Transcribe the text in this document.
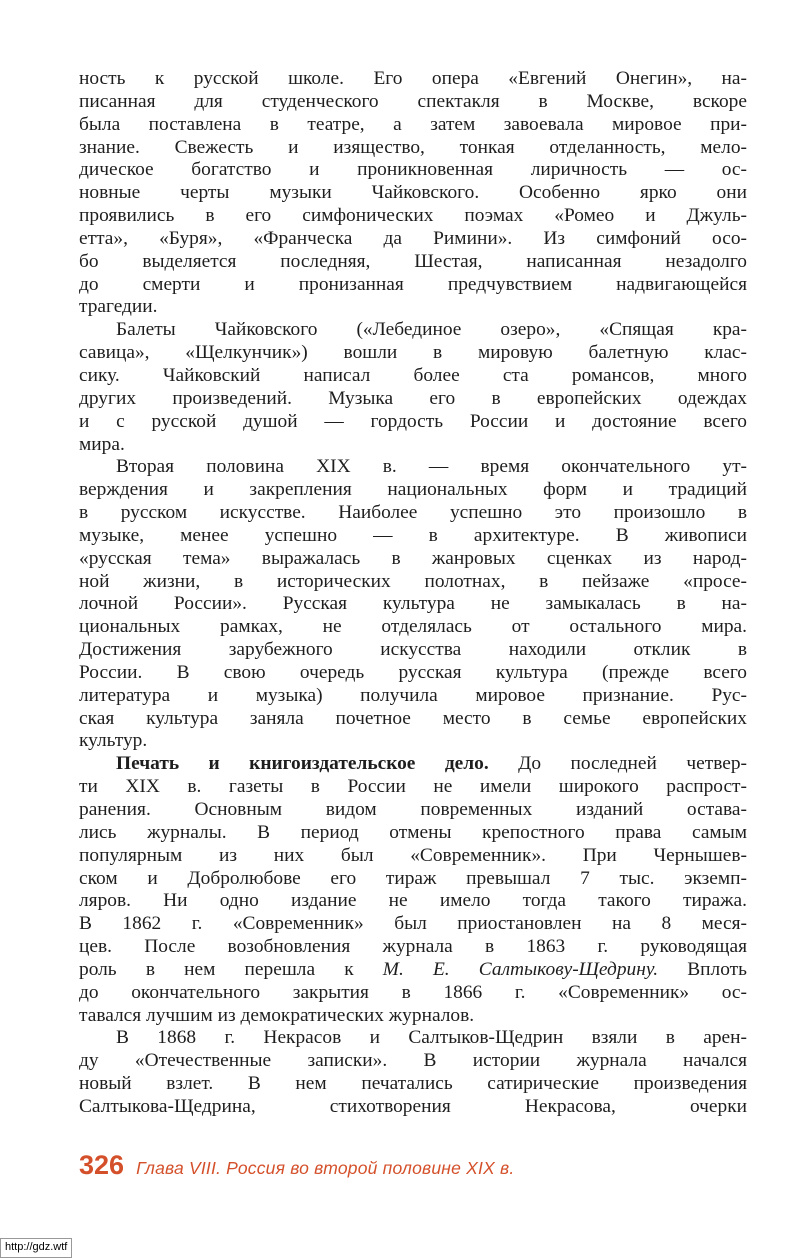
ность к русской школе. Его опера «Евгений Онегин», на-
писанная для студенческого спектакля в Москве, вскоре
была поставлена в театре, а затем завоевала мировое при-
знание. Свежесть и изящество, тонкая отделанность, мело-
дическое богатство и проникновенная лиричность — ос-
новные черты музыки Чайковского. Особенно ярко они
проявились в его симфонических поэмах «Ромео и Джуль-
етта», «Буря», «Франческа да Римини». Из симфоний осо-
бо выделяется последняя, Шестая, написанная незадолго
до смерти и пронизанная предчувствием надвигающейся
трагедии.
Балеты Чайковского («Лебединое озеро», «Спящая кра-
савица», «Щелкунчик») вошли в мировую балетную клас-
сику. Чайковский написал более ста романсов, много
других произведений. Музыка его в европейских одеждах
и с русской душой — гордость России и достояние всего
мира.
Вторая половина XIX в. — время окончательного ут-
верждения и закрепления национальных форм и традиций
в русском искусстве. Наиболее успешно это произошло в
музыке, менее успешно — в архитектуре. В живописи
«русская тема» выражалась в жанровых сценках из народ-
ной жизни, в исторических полотнах, в пейзаже «просе-
лочной России». Русская культура не замыкалась в на-
циональных рамках, не отделялась от остального мира.
Достижения зарубежного искусства находили отклик в
России. В свою очередь русская культура (прежде всего
литература и музыка) получила мировое признание. Рус-
ская культура заняла почетное место в семье европейских
культур.
Печать и книгоиздательское дело. До последней четвер-
ти XIX в. газеты в России не имели широкого распрост-
ранения. Основным видом повременных изданий остава-
лись журналы. В период отмены крепостного права самым
популярным из них был «Современник». При Чернышев-
ском и Добролюбове его тираж превышал 7 тыс. экземп-
ляров. Ни одно издание не имело тогда такого тиража.
В 1862 г. «Современник» был приостановлен на 8 меся-
цев. После возобновления журнала в 1863 г. руководящая
роль в нем перешла к М. Е. Салтыкову-Щедрину. Вплоть
до окончательного закрытия в 1866 г. «Современник» ос-
тавался лучшим из демократических журналов.
В 1868 г. Некрасов и Салтыков-Щедрин взяли в арен-
ду «Отечественные записки». В истории журнала начался
новый взлет. В нем печатались сатирические произведения
Салтыкова-Щедрина, стихотворения Некрасова, очерки
326 Глава VIII. Россия во второй половине XIX в.
http://gdz.wtf
